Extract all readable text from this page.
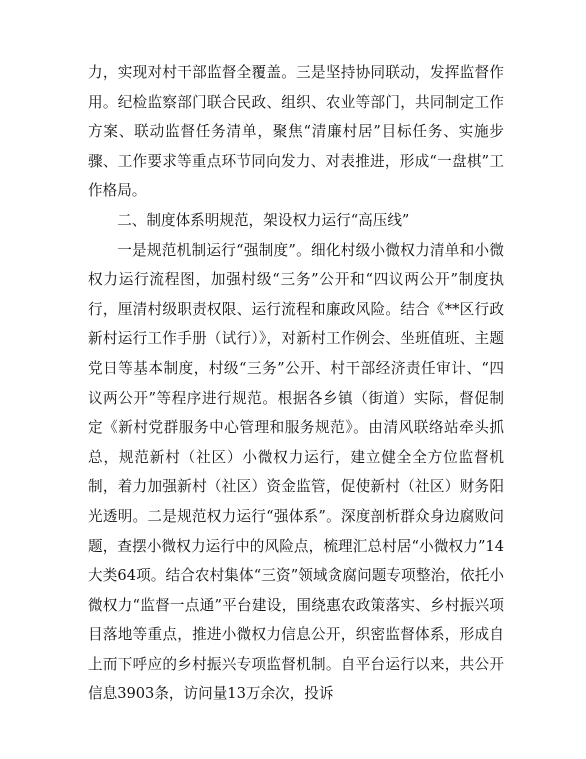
力，实现对村干部监督全覆盖。三是坚持协同联动，发挥监督作用。纪检监察部门联合民政、组织、农业等部门，共同制定工作方案、联动监督任务清单，聚焦“清廉村居”目标任务、实施步骤、工作要求等重点环节同向发力、对表推进，形成“一盘棋”工作格局。

二、制度体系明规范，架设权力运行“高压线”

一是规范机制运行“强制度”。细化村级小微权力清单和小微权力运行流程图，加强村级“三务”公开和“四议两公开”制度执行，厘清村级职责权限、运行流程和廉政风险。结合《**区行政新村运行工作手册（试行）》，对新村工作例会、坐班值班、主题党日等基本制度，村级“三务”公开、村干部经济责任审计、“四议两公开”等程序进行规范。根据各乡镇（街道）实际，督促制定《新村党群服务中心管理和服务规范》。由清风联络站牵头抓总，规范新村（社区）小微权力运行，建立健全全方位监督机制，着力加强新村（社区）资金监管，促使新村（社区）财务阳光透明。二是规范权力运行“强体系”。深度剖析群众身边腐败问题，查摆小微权力运行中的风险点，梳理汇总村居“小微权力”14大类64项。结合农村集体“三资”领域贪腐问题专项整治，依托小微权力“监督一点通”平台建设，围绕惠农政策落实、乡村振兴项目落地等重点，推进小微权力信息公开，织密监督体系，形成自上而下呼应的乡村振兴专项监督机制。自平台运行以来，共公开信息3903条，访问量13万余次，投诉
